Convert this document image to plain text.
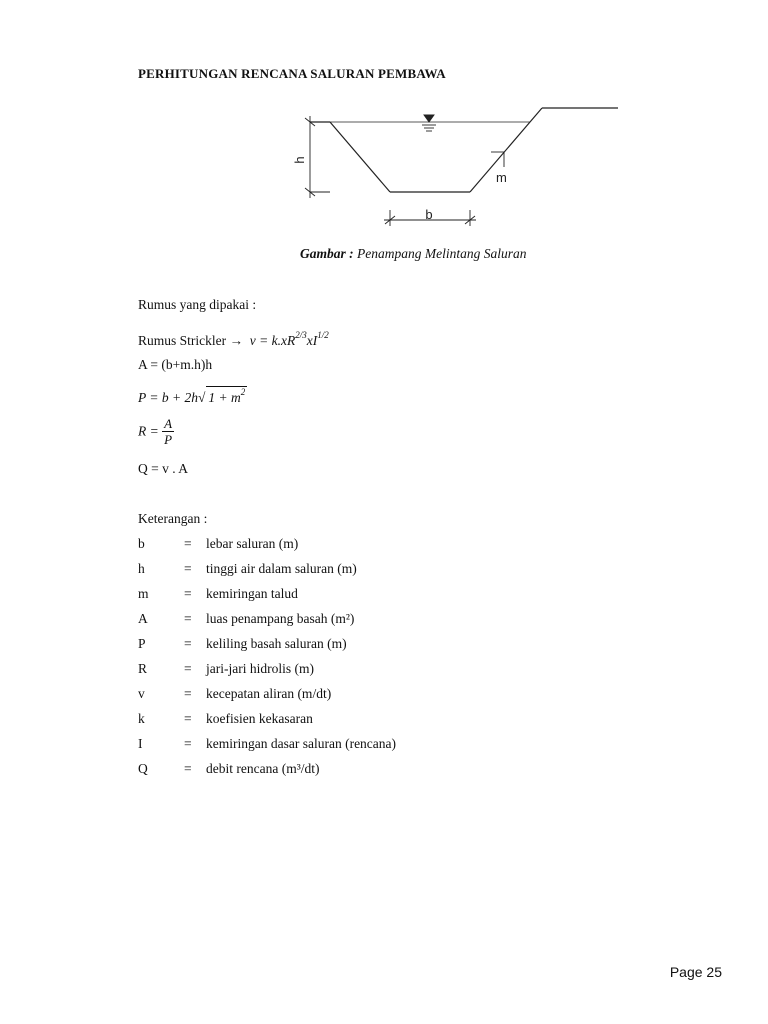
PERHITUNGAN RENCANA SALURAN PEMBAWA
h
m
b
Gambar : Penampang Melintang Saluran
Rumus yang dipakai :
Rumus Strickler →  $v = k.xR^{2/3}xI^{1/2}$
A = (b+m.h)h
P = b + 2h√ $1 + m^2$
$R = \frac{A}{P}$
Q = v . A
Keterangan :
b	=	lebar saluran (m)
h	=	tinggi air dalam saluran (m)
m	=	kemiringan talud
A	=	luas penampang basah (m²)
P	=	keliling basah saluran (m)
R	=	jari-jari hidrolis (m)
v	=	kecepatan aliran (m/dt)
k	=	koefisien kekasaran
I	=	kemiringan dasar saluran (rencana)
Q	=	debit rencana (m³/dt)
Page 25
